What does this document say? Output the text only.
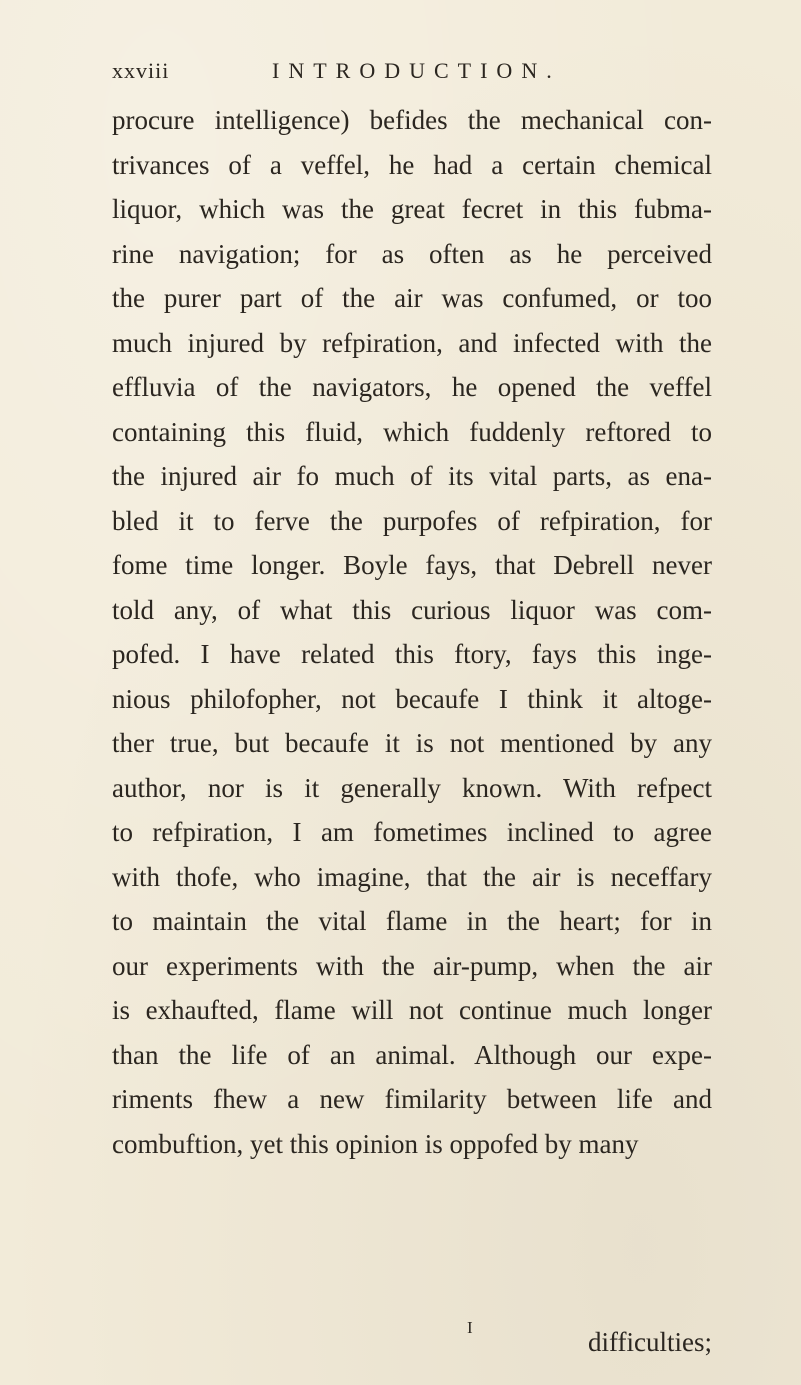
xxviii	INTRODUCTION.
procure intelligence) befides the mechanical con-
trivances of a veffel, he had a certain chemical
liquor, which was the great fecret in this fubma-
rine navigation; for as often as he perceived
the purer part of the air was confumed, or too
much injured by refpiration, and infected with the
effluvia of the navigators, he opened the veffel
containing this fluid, which fuddenly reftored to
the injured air fo much of its vital parts, as ena-
bled it to ferve the purpofes of refpiration, for
fome time longer. Boyle fays, that Debrell never
told any, of what this curious liquor was com-
pofed. I have related this ftory, fays this inge-
nious philofopher, not becaufe I think it altoge-
ther true, but becaufe it is not mentioned by any
author, nor is it generally known. With refpect
to refpiration, I am fometimes inclined to agree
with thofe, who imagine, that the air is neceffary
to maintain the vital flame in the heart; for in
our experiments with the air-pump, when the air
is exhaufted, flame will not continue much longer
than the life of an animal. Although our expe-
riments fhew a new fimilarity between life and
combuftion, yet this opinion is oppofed by many
I	difficulties;
